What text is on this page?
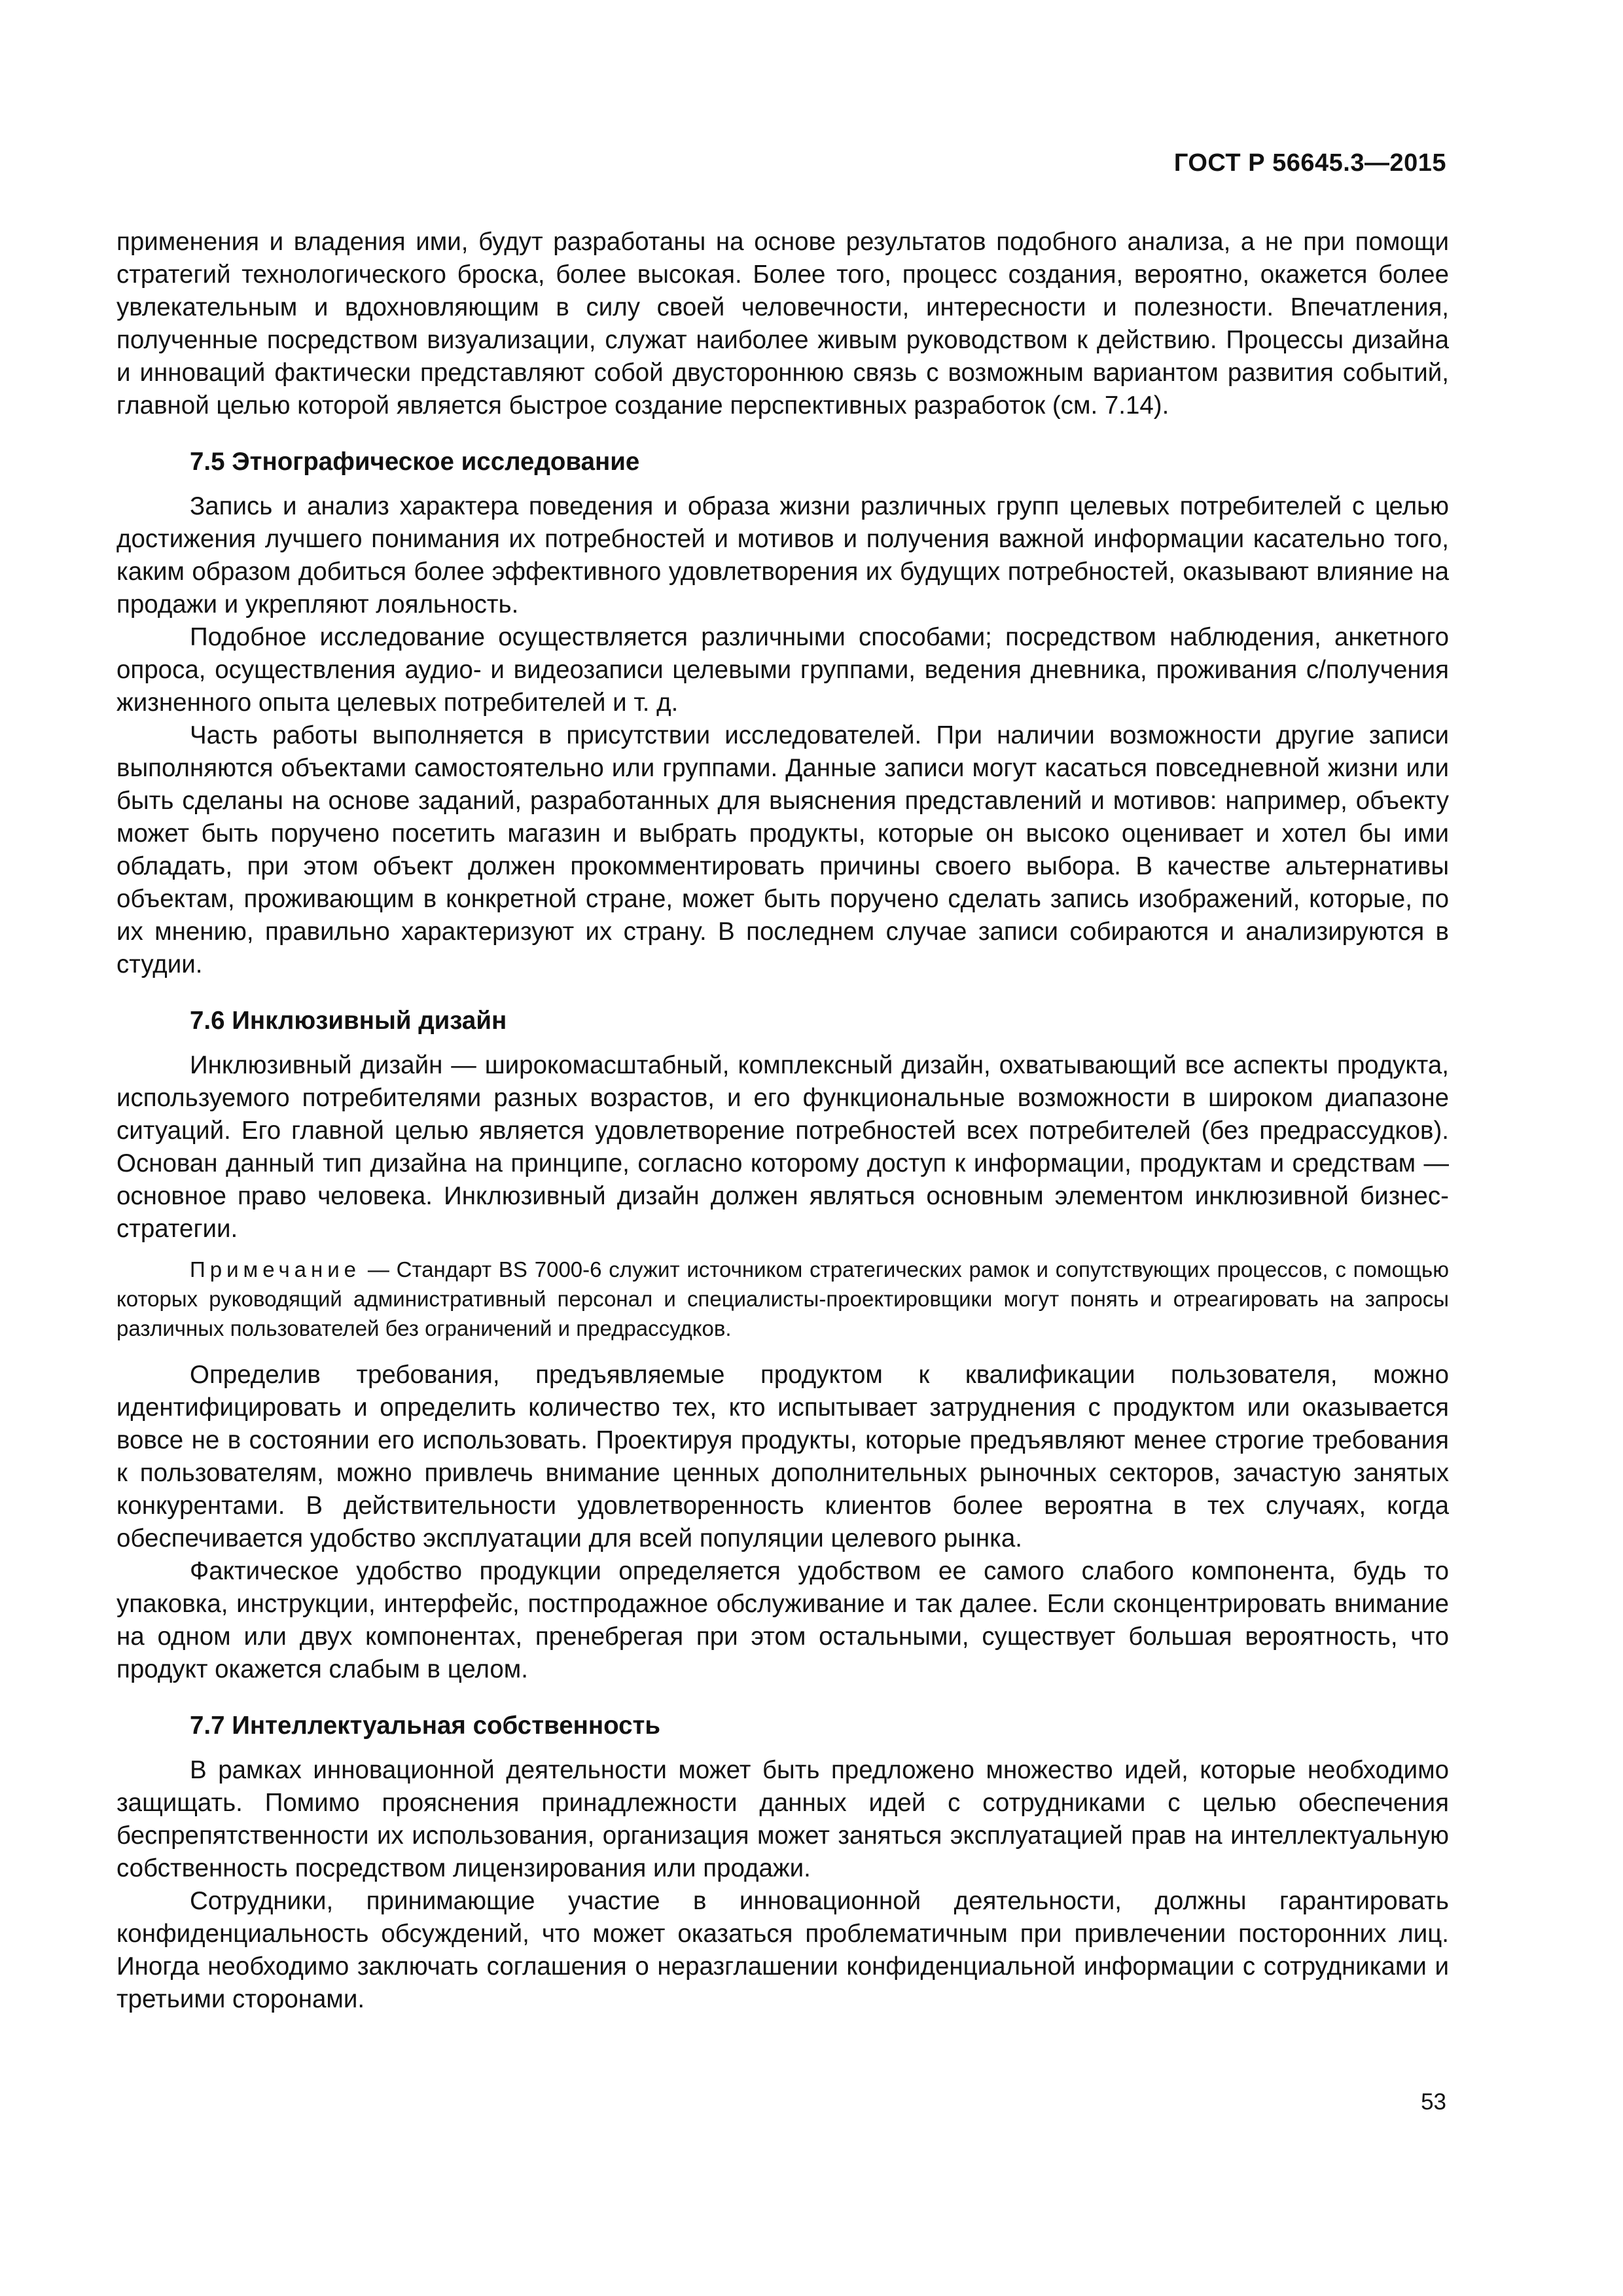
ГОСТ Р 56645.3—2015

применения и владения ими, будут разработаны на основе результатов подобного анализа, а не при помощи стратегий технологического броска, более высокая. Более того, процесс создания, вероятно, окажется более увлекательным и вдохновляющим в силу своей человечности, интересности и полезности. Впечатления, полученные посредством визуализации, служат наиболее живым руководством к действию. Процессы дизайна и инноваций фактически представляют собой двустороннюю связь с возможным вариантом развития событий, главной целью которой является быстрое создание перспективных разработок (см. 7.14).

7.5 Этнографическое исследование

Запись и анализ характера поведения и образа жизни различных групп целевых потребителей с целью достижения лучшего понимания их потребностей и мотивов и получения важной информации касательно того, каким образом добиться более эффективного удовлетворения их будущих потребностей, оказывают влияние на продажи и укрепляют лояльность.

Подобное исследование осуществляется различными способами; посредством наблюдения, анкетного опроса, осуществления аудио- и видеозаписи целевыми группами, ведения дневника, проживания с/получения жизненного опыта целевых потребителей и т. д.

Часть работы выполняется в присутствии исследователей. При наличии возможности другие записи выполняются объектами самостоятельно или группами. Данные записи могут касаться повседневной жизни или быть сделаны на основе заданий, разработанных для выяснения представлений и мотивов: например, объекту может быть поручено посетить магазин и выбрать продукты, которые он высоко оценивает и хотел бы ими обладать, при этом объект должен прокомментировать причины своего выбора. В качестве альтернативы объектам, проживающим в конкретной стране, может быть поручено сделать запись изображений, которые, по их мнению, правильно характеризуют их страну. В последнем случае записи собираются и анализируются в студии.

7.6 Инклюзивный дизайн

Инклюзивный дизайн — широкомасштабный, комплексный дизайн, охватывающий все аспекты продукта, используемого потребителями разных возрастов, и его функциональные возможности в широком диапазоне ситуаций. Его главной целью является удовлетворение потребностей всех потребителей (без предрассудков). Основан данный тип дизайна на принципе, согласно которому доступ к информации, продуктам и средствам — основное право человека. Инклюзивный дизайн должен являться основным элементом инклюзивной бизнес-стратегии.

Примечание — Стандарт BS 7000-6 служит источником стратегических рамок и сопутствующих процессов, с помощью которых руководящий административный персонал и специалисты-проектировщики могут понять и отреагировать на запросы различных пользователей без ограничений и предрассудков.

Определив требования, предъявляемые продуктом к квалификации пользователя, можно идентифицировать и определить количество тех, кто испытывает затруднения с продуктом или оказывается вовсе не в состоянии его использовать. Проектируя продукты, которые предъявляют менее строгие требования к пользователям, можно привлечь внимание ценных дополнительных рыночных секторов, зачастую занятых конкурентами. В действительности удовлетворенность клиентов более вероятна в тех случаях, когда обеспечивается удобство эксплуатации для всей популяции целевого рынка.

Фактическое удобство продукции определяется удобством ее самого слабого компонента, будь то упаковка, инструкции, интерфейс, постпродажное обслуживание и так далее. Если сконцентрировать внимание на одном или двух компонентах, пренебрегая при этом остальными, существует большая вероятность, что продукт окажется слабым в целом.

7.7 Интеллектуальная собственность

В рамках инновационной деятельности может быть предложено множество идей, которые необходимо защищать. Помимо прояснения принадлежности данных идей с сотрудниками с целью обеспечения беспрепятственности их использования, организация может заняться эксплуатацией прав на интеллектуальную собственность посредством лицензирования или продажи.

Сотрудники, принимающие участие в инновационной деятельности, должны гарантировать конфиденциальность обсуждений, что может оказаться проблематичным при привлечении посторонних лиц. Иногда необходимо заключать соглашения о неразглашении конфиденциальной информации с сотрудниками и третьими сторонами.

53
